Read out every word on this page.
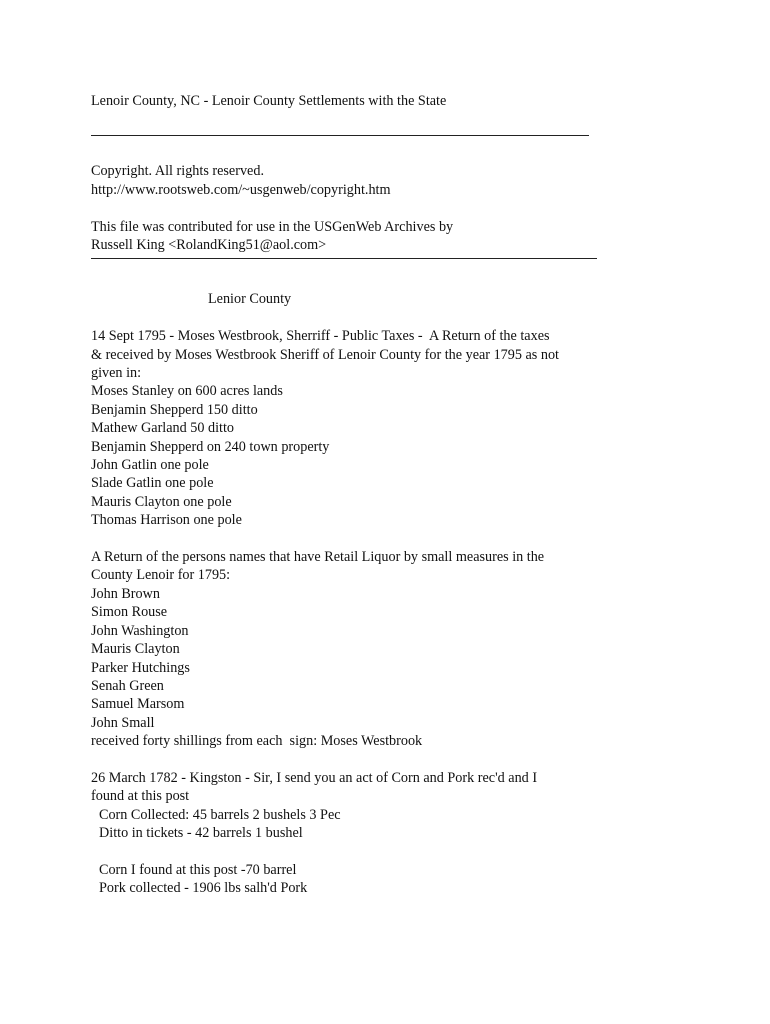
Lenoir County, NC - Lenoir County Settlements with the State
Copyright. All rights reserved.
http://www.rootsweb.com/~usgenweb/copyright.htm
This file was contributed for use in the USGenWeb Archives by
Russell King <RolandKing51@aol.com>
Lenior County
14 Sept 1795 - Moses Westbrook, Sherriff - Public Taxes -  A Return of the taxes
& received by Moses Westbrook Sheriff of Lenoir County for the year 1795 as not
given in:
Moses Stanley on 600 acres lands
Benjamin Shepperd 150 ditto
Mathew Garland 50 ditto
Benjamin Shepperd on 240 town property
John Gatlin one pole
Slade Gatlin one pole
Mauris Clayton one pole
Thomas Harrison one pole
A Return of the persons names that have Retail Liquor by small measures in the
County Lenoir for 1795:
John Brown
Simon Rouse
John Washington
Mauris Clayton
Parker Hutchings
Senah Green
Samuel Marsom
John Small
received forty shillings from each  sign: Moses Westbrook
26 March 1782 - Kingston - Sir, I send you an act of Corn and Pork rec'd and I
found at this post
Corn Collected: 45 barrels 2 bushels 3 Pec
Ditto in tickets - 42 barrels 1 bushel
Corn I found at this post -70 barrel
Pork collected - 1906 lbs salh'd Pork
